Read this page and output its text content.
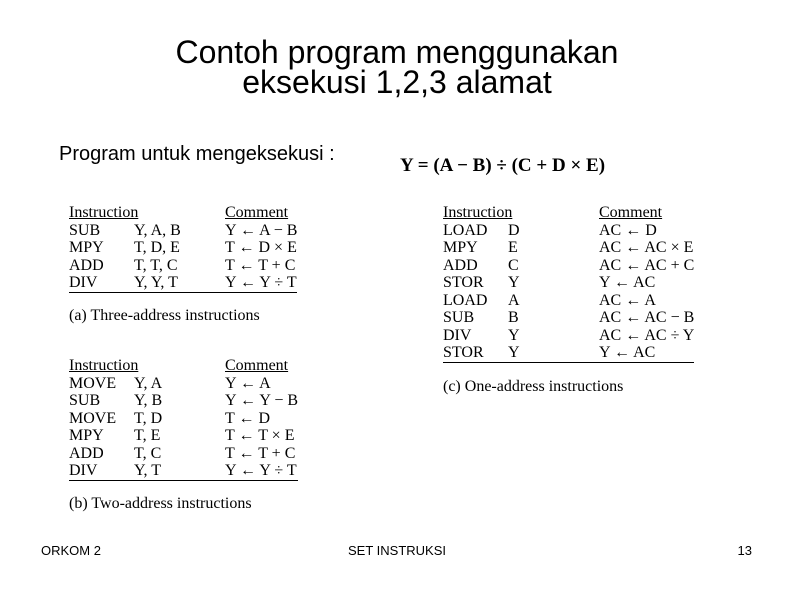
Contoh program menggunakan
eksekusi 1,2,3 alamat
Program untuk mengeksekusi :
Y = (A − B) ÷ (C + D × E)
Instruction		Comment
SUB	Y, A, B	Y ← A − B
MPY	T, D, E	T ← D × E
ADD	T, T, C	T ← T + C
DIV	Y, Y, T	Y ← Y ÷ T
(a) Three-address instructions
Instruction		Comment
MOVE	Y, A	Y ← A
SUB	Y, B	Y ← Y − B
MOVE	T, D	T ← D
MPY	T, E	T ← T × E
ADD	T, C	T ← T + C
DIV	Y, T	Y ← Y ÷ T
(b) Two-address instructions
Instruction		Comment
LOAD	D	AC ← D
MPY	E	AC ← AC × E
ADD	C	AC ← AC + C
STOR	Y	Y ← AC
LOAD	A	AC ← A
SUB	B	AC ← AC − B
DIV	Y	AC ← AC ÷ Y
STOR	Y	Y ← AC
(c) One-address instructions
ORKOM 2	SET INSTRUKSI	13
